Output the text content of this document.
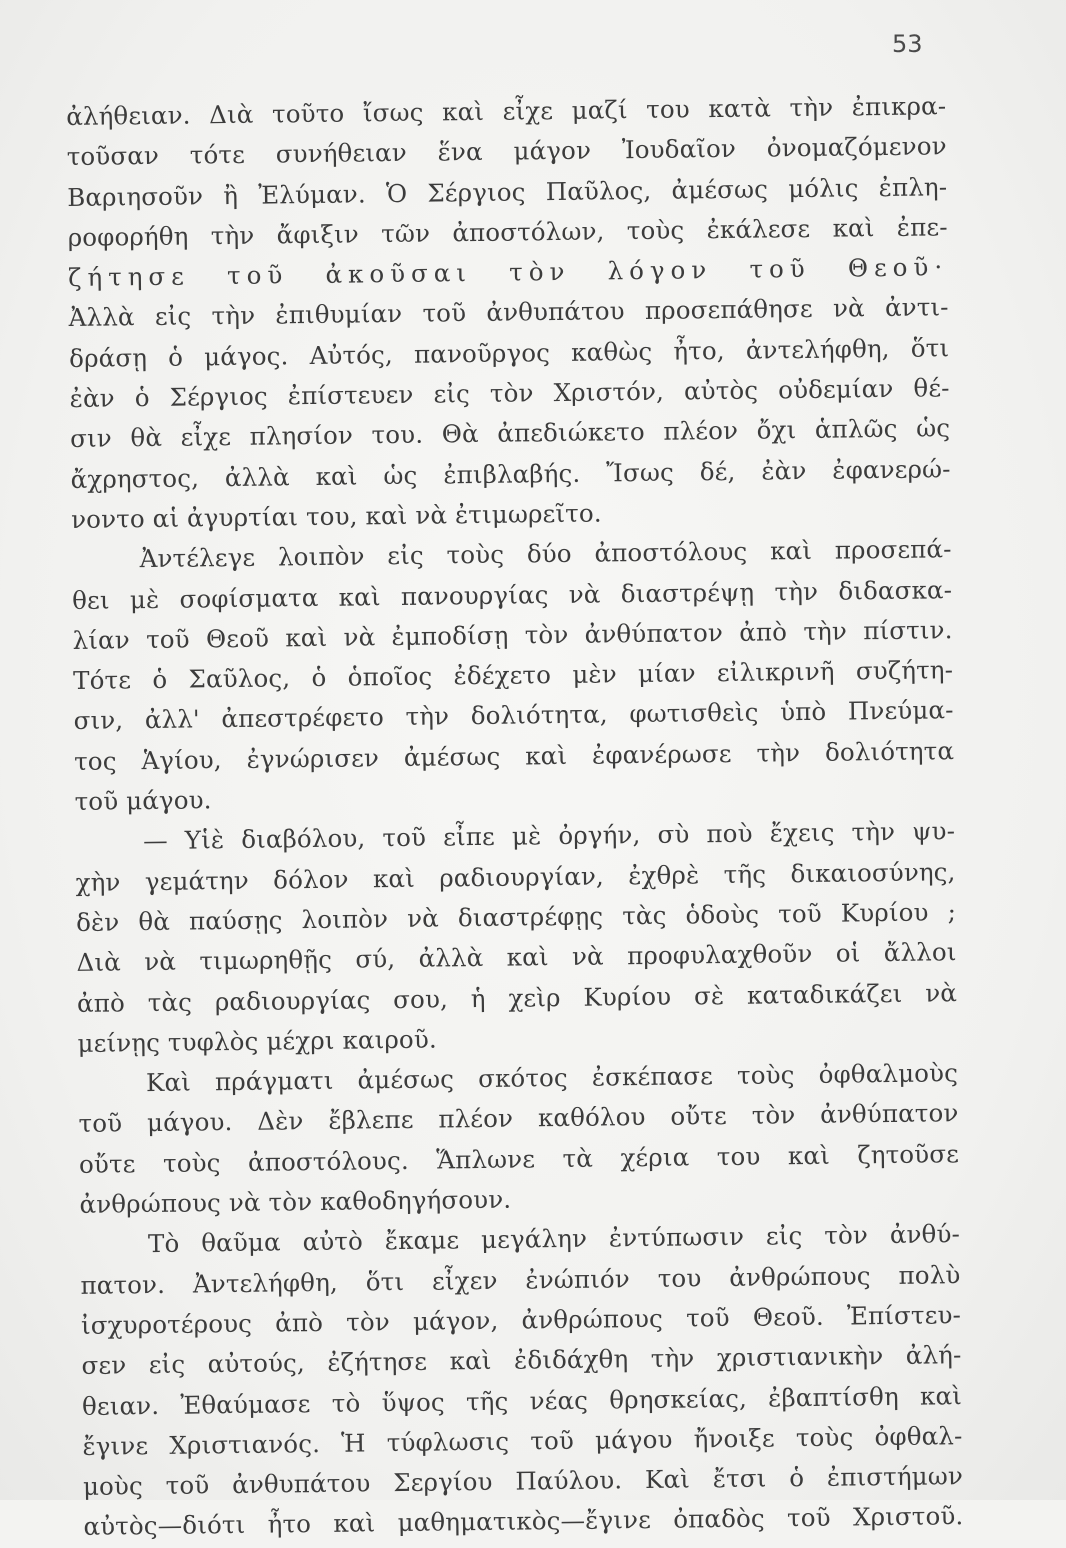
53
ἀλήθειαν. Διὰ τοῦτο ἴσως καὶ εἶχε μαζί του κατὰ τὴν ἐπικρα-
τοῦσαν τότε συνήθειαν ἕνα μάγον Ἰουδαῖον ὀνομαζόμενον
Βαριησοῦν ἢ Ἐλύμαν. Ὁ Σέργιος Παῦλος, ἀμέσως μόλις ἐπλη-
ροφορήθη τὴν ἄφιξιν τῶν ἀποστόλων, τοὺς ἐκάλεσε καὶ ἐπε-
ζήτησε τοῦ ἀκοῦσαι τὸν λόγον τοῦ Θεοῦ·
Ἀλλὰ εἰς τὴν ἐπιθυμίαν τοῦ ἀνθυπάτου προσεπάθησε νὰ ἀντι-
δράσῃ ὁ μάγος. Αὐτός, πανοῦργος καθὼς ἦτο, ἀντελήφθη, ὅτι
ἐὰν ὁ Σέργιος ἐπίστευεν εἰς τὸν Χριστόν, αὐτὸς οὐδεμίαν θέ-
σιν θὰ εἶχε πλησίον του. Θὰ ἀπεδιώκετο πλέον ὄχι ἁπλῶς ὡς
ἄχρηστος, ἀλλὰ καὶ ὡς ἐπιβλαβής. Ἴσως δέ, ἐὰν ἐφανερώ-
νοντο αἱ ἀγυρτίαι του, καὶ νὰ ἐτιμωρεῖτο.
Ἀντέλεγε λοιπὸν εἰς τοὺς δύο ἀποστόλους καὶ προσεπά-
θει μὲ σοφίσματα καὶ πανουργίας νὰ διαστρέψῃ τὴν διδασκα-
λίαν τοῦ Θεοῦ καὶ νὰ ἐμποδίσῃ τὸν ἀνθύπατον ἀπὸ τὴν πίστιν.
Τότε ὁ Σαῦλος, ὁ ὁποῖος ἐδέχετο μὲν μίαν εἰλικρινῆ συζήτη-
σιν, ἀλλ' ἀπεστρέφετο τὴν δολιότητα, φωτισθεὶς ὑπὸ Πνεύμα-
τος Ἁγίου, ἐγνώρισεν ἀμέσως καὶ ἐφανέρωσε τὴν δολιότητα
τοῦ μάγου.
— Υἱὲ διαβόλου, τοῦ εἶπε μὲ ὀργήν, σὺ ποὺ ἔχεις τὴν ψυ-
χὴν γεμάτην δόλον καὶ ραδιουργίαν, ἐχθρὲ τῆς δικαιοσύνης,
δὲν θὰ παύσῃς λοιπὸν νὰ διαστρέφῃς τὰς ὁδοὺς τοῦ Κυρίου ;
Διὰ νὰ τιμωρηθῇς σύ, ἀλλὰ καὶ νὰ προφυλαχθοῦν οἱ ἄλλοι
ἀπὸ τὰς ραδιουργίας σου, ἡ χεὶρ Κυρίου σὲ καταδικάζει νὰ
μείνῃς τυφλὸς μέχρι καιροῦ.
Καὶ πράγματι ἀμέσως σκότος ἐσκέπασε τοὺς ὀφθαλμοὺς
τοῦ μάγου. Δὲν ἔβλεπε πλέον καθόλου οὔτε τὸν ἀνθύπατον
οὔτε τοὺς ἀποστόλους. Ἅπλωνε τὰ χέρια του καὶ ζητοῦσε
ἀνθρώπους νὰ τὸν καθοδηγήσουν.
Τὸ θαῦμα αὐτὸ ἔκαμε μεγάλην ἐντύπωσιν εἰς τὸν ἀνθύ-
πατον. Ἀντελήφθη, ὅτι εἶχεν ἐνώπιόν του ἀνθρώπους πολὺ
ἰσχυροτέρους ἀπὸ τὸν μάγον, ἀνθρώπους τοῦ Θεοῦ. Ἐπίστευ-
σεν εἰς αὐτούς, ἐζήτησε καὶ ἐδιδάχθη τὴν χριστιανικὴν ἀλή-
θειαν. Ἐθαύμασε τὸ ὕψος τῆς νέας θρησκείας, ἐβαπτίσθη καὶ
ἔγινε Χριστιανός. Ἡ τύφλωσις τοῦ μάγου ἤνοιξε τοὺς ὀφθαλ-
μοὺς τοῦ ἀνθυπάτου Σεργίου Παύλου. Καὶ ἔτσι ὁ ἐπιστήμων
αὐτὸς—διότι ἦτο καὶ μαθηματικὸς—ἔγινε ὀπαδὸς τοῦ Χριστοῦ.
